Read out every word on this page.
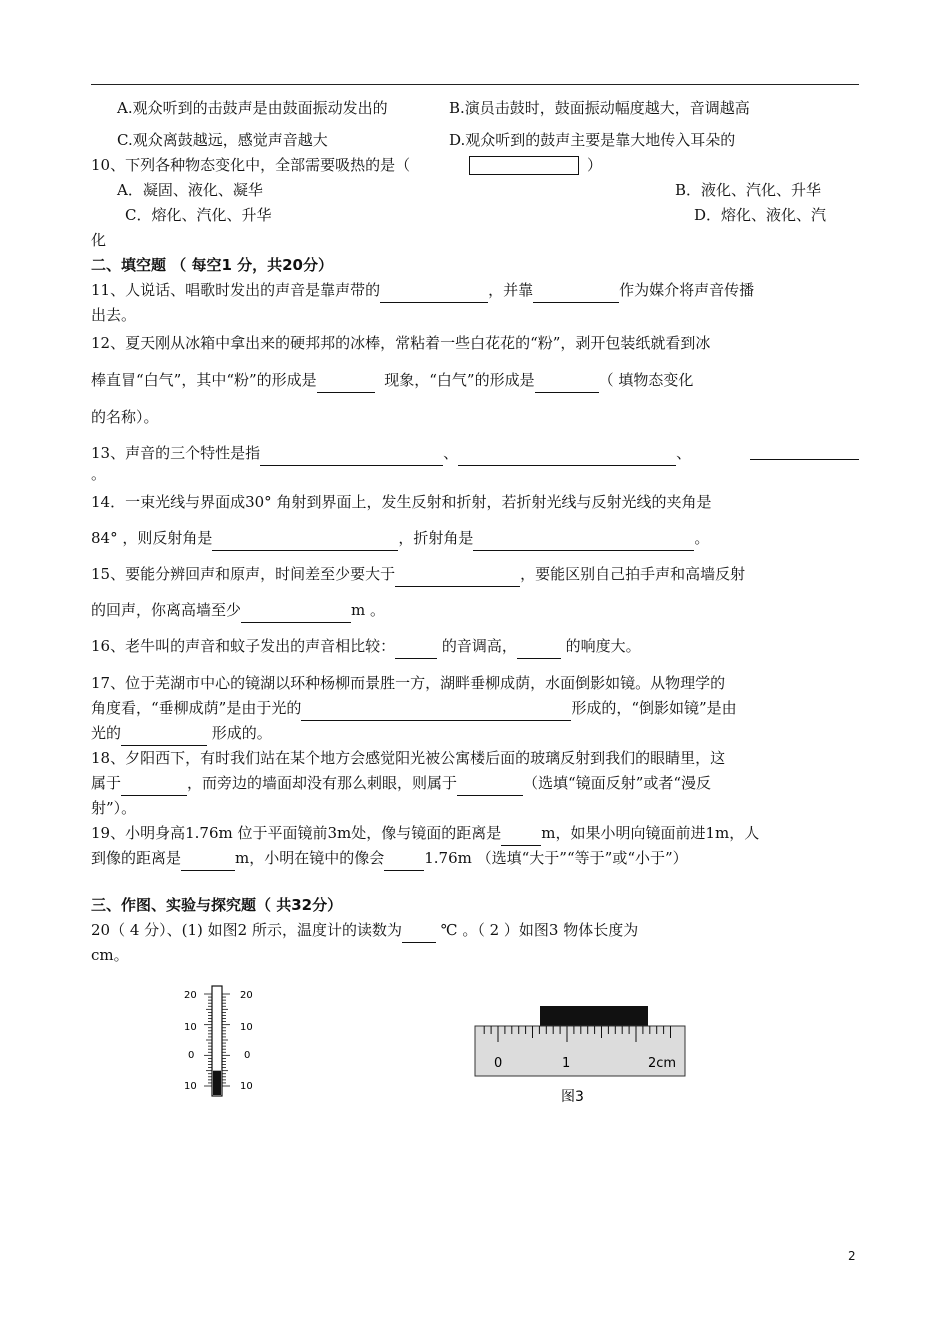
A.观众听到的击鼓声是由鼓面振动发出的	B.演员击鼓时，鼓面振动幅度越大，音调越高
C.观众离鼓越远，感觉声音越大	D.观众听到的鼓声主要是靠大地传入耳朵的
10、下列各种物态变化中，全部需要吸热的是（	）
A．凝固、液化、凝华	B．液化、汽化、升华
C．熔化、汽化、升华	D．熔化、液化、汽
化
二、填空题 （ 每空1 分，共20分）
11、人说话、唱歌时发出的声音是靠声带的	，并靠	作为媒介将声音传播
出去。
12、夏天刚从冰箱中拿出来的硬邦邦的冰棒，常粘着一些白花花的“粉”，剥开包装纸就看到冰
棒直冒“白气”，其中“粉”的形成是	现象，“白气”的形成是	（ 填物态变化
的名称）。
13、声音的三个特性是指	、	、
。
14．一束光线与界面成30° 角射到界面上，发生反射和折射，若折射光线与反射光线的夹角是
84° ，则反射角是	，折射角是	。
15、要能分辨回声和原声，时间差至少要大于	，要能区别自己拍手声和高墙反射
的回声，你离高墙至少	m 。
16、老牛叫的声音和蚊子发出的声音相比较：	的音调高，	的响度大。
17、位于芜湖市中心的镜湖以环种杨柳而景胜一方，湖畔垂柳成荫，水面倒影如镜。从物理学的
角度看，“垂柳成荫”是由于光的	形成的，“倒影如镜”是由
光的	形成的。
18、夕阳西下，有时我们站在某个地方会感觉阳光被公寓楼后面的玻璃反射到我们的眼睛里，这
属于	，而旁边的墙面却没有那么刺眼，则属于	（选填“镜面反射”或者“漫反
射”）。
19、小明身高1.76m 位于平面镜前3m处，像与镜面的距离是	m，如果小明向镜面前进1m，人
到像的距离是	m，小明在镜中的像会	1.76m （选填“大于”“等于”或“小于”）
三、作图、实验与探究题（ 共32分）
20（ 4 分）、(1) 如图2 所示，温度计的读数为	℃ 。（ 2 ）如图3 物体长度为
cm。
20
10
0
10
20
10
0
10
0	1	2cm
图3
2
